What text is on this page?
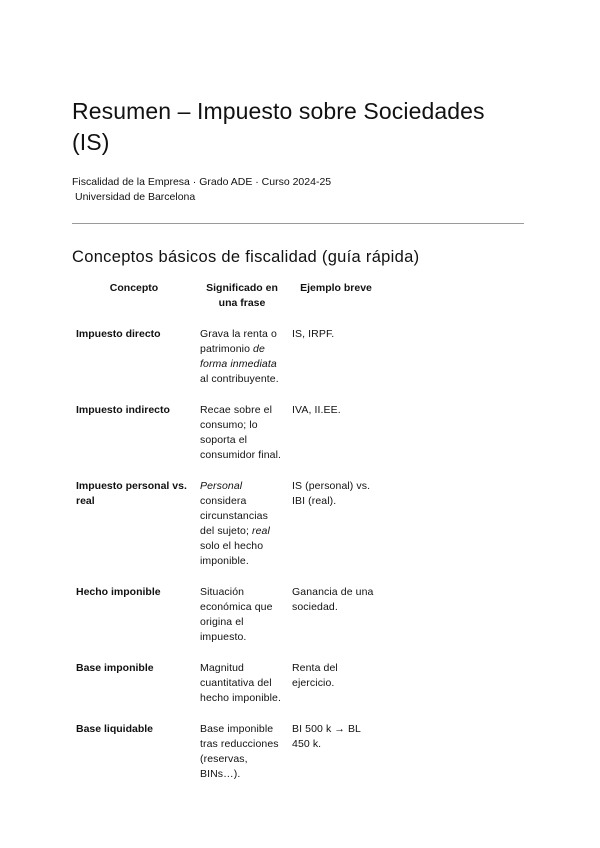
Resumen – Impuesto sobre Sociedades (IS)
Fiscalidad de la Empresa · Grado ADE · Curso 2024-25
Universidad de Barcelona
Conceptos básicos de fiscalidad (guía rápida)
Concepto	Significado en una frase	Ejemplo breve
Impuesto directo	Grava la renta o patrimonio de forma inmediata al contribuyente.	IS, IRPF.
Impuesto indirecto	Recae sobre el consumo; lo soporta el consumidor final.	IVA, II.EE.
Impuesto personal vs. real	Personal considera circunstancias del sujeto; real solo el hecho imponible.	IS (personal) vs. IBI (real).
Hecho imponible	Situación económica que origina el impuesto.	Ganancia de una sociedad.
Base imponible	Magnitud cuantitativa del hecho imponible.	Renta del ejercicio.
Base liquidable	Base imponible tras reducciones (reservas, BINs…).	BI 500 k → BL 450 k.
